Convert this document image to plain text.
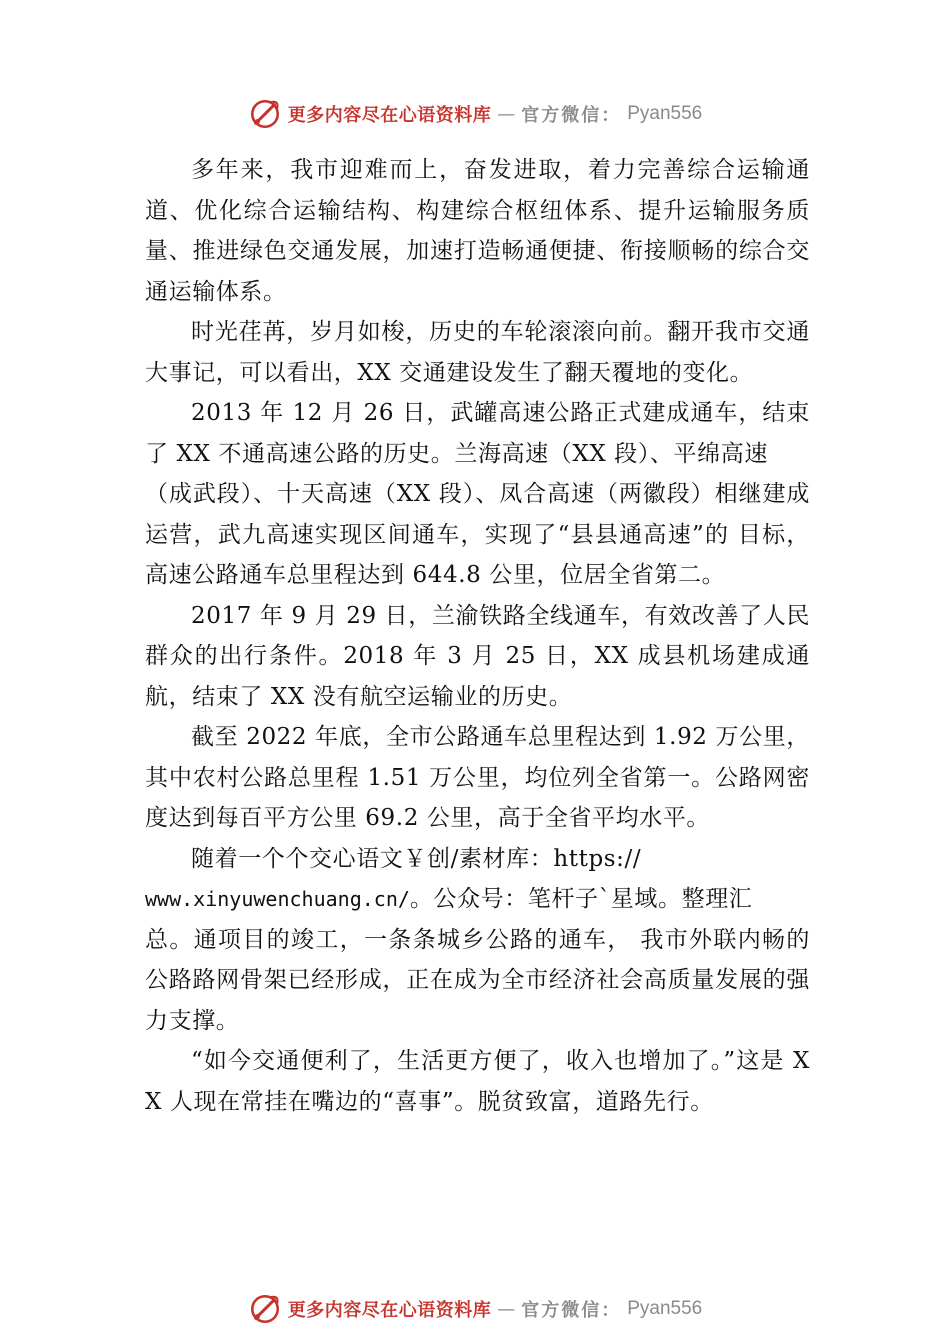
更多内容尽在心语资料库 — 官方微信： Pyan556

多年来，我市迎难而上，奋发进取，着力完善综合运输通道、优化综合运输结构、构建综合枢纽体系、提升运输服务质量、推进绿色交通发展，加速打造畅通便捷、衔接顺畅的综合交通运输体系。

时光荏苒，岁月如梭，历史的车轮滚滚向前。翻开我市交通大事记，可以看出，XX 交通建设发生了翻天覆地的变化。

2013 年 12 月 26 日，武罐高速公路正式建成通车，结束了 XX 不通高速公路的历史。兰海高速（XX 段）、平绵高速

（成武段）、十天高速（XX 段）、凤合高速（两徽段）相继建成运营，武九高速实现区间通车，实现了“县县通高速”的 目标，高速公路通车总里程达到 644.8 公里，位居全省第二。

2017 年 9 月 29 日，兰渝铁路全线通车，有效改善了人民群众的出行条件。2018 年 3 月 25 日，XX 成县机场建成通航，结束了 XX 没有航空运输业的历史。

截至 2022 年底，全市公路通车总里程达到 1.92 万公里，其中农村公路总里程 1.51 万公里，均位列全省第一。公路网密度达到每百平方公里 69.2 公里，高于全省平均水平。

随着一个个交心语文￥创/素材库：https://

www.xinyuwenchuang.cn/。公众号：笔杆子`星域。整理汇

总。通项目的竣工，一条条城乡公路的通车， 我市外联内畅的公路路网骨架已经形成，正在成为全市经济社会高质量发展的强力支撑。

“如今交通便利了，生活更方便了，收入也增加了。”这是 XX 人现在常挂在嘴边的“喜事”。脱贫致富，道路先行。

更多内容尽在心语资料库 — 官方微信： Pyan556
